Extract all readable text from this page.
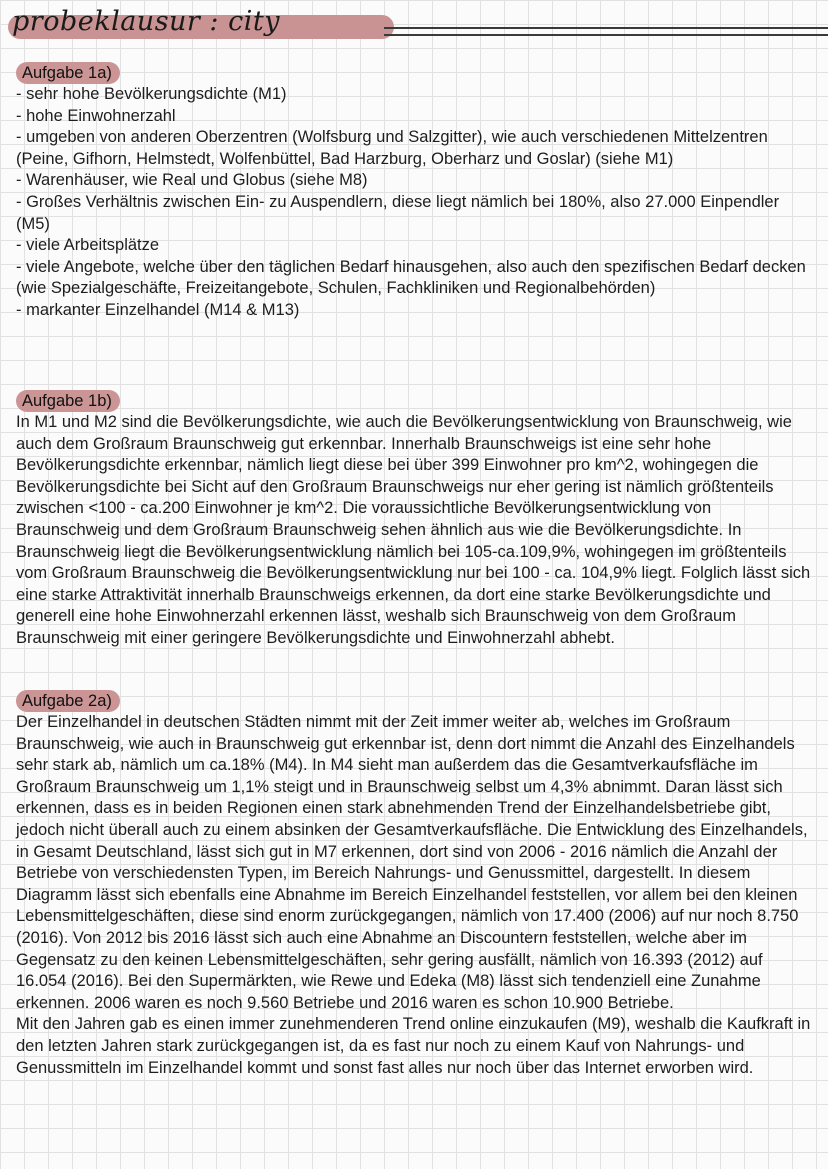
probeklausur : city
Aufgabe 1a)
- sehr hohe Bevölkerungsdichte (M1)
- hohe Einwohnerzahl
- umgeben von anderen Oberzentren (Wolfsburg und Salzgitter), wie auch verschiedenen Mittelzentren (Peine, Gifhorn, Helmstedt, Wolfenbüttel, Bad Harzburg, Oberharz und Goslar) (siehe M1)
- Warenhäuser, wie Real und Globus (siehe M8)
- Großes Verhältnis zwischen Ein- zu Auspendlern, diese liegt nämlich bei 180%, also 27.000 Einpendler (M5)
- viele Arbeitsplätze
- viele Angebote, welche über den täglichen Bedarf hinausgehen, also auch den spezifischen Bedarf decken (wie Spezialgeschäfte, Freizeitangebote, Schulen, Fachkliniken und Regionalbehörden)
- markanter Einzelhandel (M14 & M13)
Aufgabe 1b)

In M1 und M2 sind die Bevölkerungsdichte, wie auch die Bevölkerungsentwicklung von Braunschweig, wie auch dem Großraum Braunschweig gut erkennbar. Innerhalb Braunschweigs ist eine sehr hohe Bevölkerungsdichte erkennbar, nämlich liegt diese bei über 399 Einwohner pro km^2, wohingegen die Bevölkerungsdichte bei Sicht auf den Großraum Braunschweigs nur eher gering ist nämlich größtenteils zwischen <100 - ca.200 Einwohner je km^2. Die voraussichtliche Bevölkerungsentwicklung von Braunschweig und dem Großraum Braunschweig sehen ähnlich aus wie die Bevölkerungsdichte. In Braunschweig liegt die Bevölkerungsentwicklung nämlich bei 105-ca.109,9%, wohingegen im größtenteils vom Großraum Braunschweig die Bevölkerungsentwicklung nur bei 100 - ca. 104,9% liegt. Folglich lässt sich eine starke Attraktivität innerhalb Braunschweigs erkennen, da dort eine starke Bevölkerungsdichte und generell eine hohe Einwohnerzahl erkennen lässt, weshalb sich Braunschweig von dem Großraum Braunschweig mit einer geringere Bevölkerungsdichte und Einwohnerzahl abhebt.

Aufgabe 2a)

Der Einzelhandel in deutschen Städten nimmt mit der Zeit immer weiter ab, welches im Großraum Braunschweig, wie auch in Braunschweig gut erkennbar ist, denn dort nimmt die Anzahl des Einzelhandels sehr stark ab, nämlich um ca.18% (M4). In M4 sieht man außerdem das die Gesamtverkaufsfläche im Großraum Braunschweig um 1,1% steigt und in Braunschweig selbst um 4,3% abnimmt. Daran lässt sich erkennen, dass es in beiden Regionen einen stark abnehmenden Trend der Einzelhandelsbetriebe gibt, jedoch nicht überall auch zu einem absinken der Gesamtverkaufsfläche. Die Entwicklung des Einzelhandels, in Gesamt Deutschland, lässt sich gut in M7 erkennen, dort sind von 2006 - 2016 nämlich die Anzahl der Betriebe von verschiedensten Typen, im Bereich Nahrungs- und Genussmittel, dargestellt. In diesem Diagramm lässt sich ebenfalls eine Abnahme im Bereich Einzelhandel feststellen, vor allem bei den kleinen Lebensmittelgeschäften, diese sind enorm zurückgegangen, nämlich von 17.400 (2006) auf nur noch 8.750 (2016). Von 2012 bis 2016 lässt sich auch eine Abnahme an Discountern feststellen, welche aber im Gegensatz zu den keinen Lebensmittelgeschäften, sehr gering ausfällt, nämlich von 16.393 (2012) auf 16.054 (2016). Bei den Supermärkten, wie Rewe und Edeka (M8) lässt sich tendenziell eine Zunahme erkennen. 2006 waren es noch 9.560 Betriebe und 2016 waren es schon 10.900 Betriebe.

Mit den Jahren gab es einen immer zunehmenderen Trend online einzukaufen (M9), weshalb die Kaufkraft in den letzten Jahren stark zurückgegangen ist, da es fast nur noch zu einem Kauf von Nahrungs- und Genussmitteln im Einzelhandel kommt und sonst fast alles nur noch über das Internet erworben wird.
